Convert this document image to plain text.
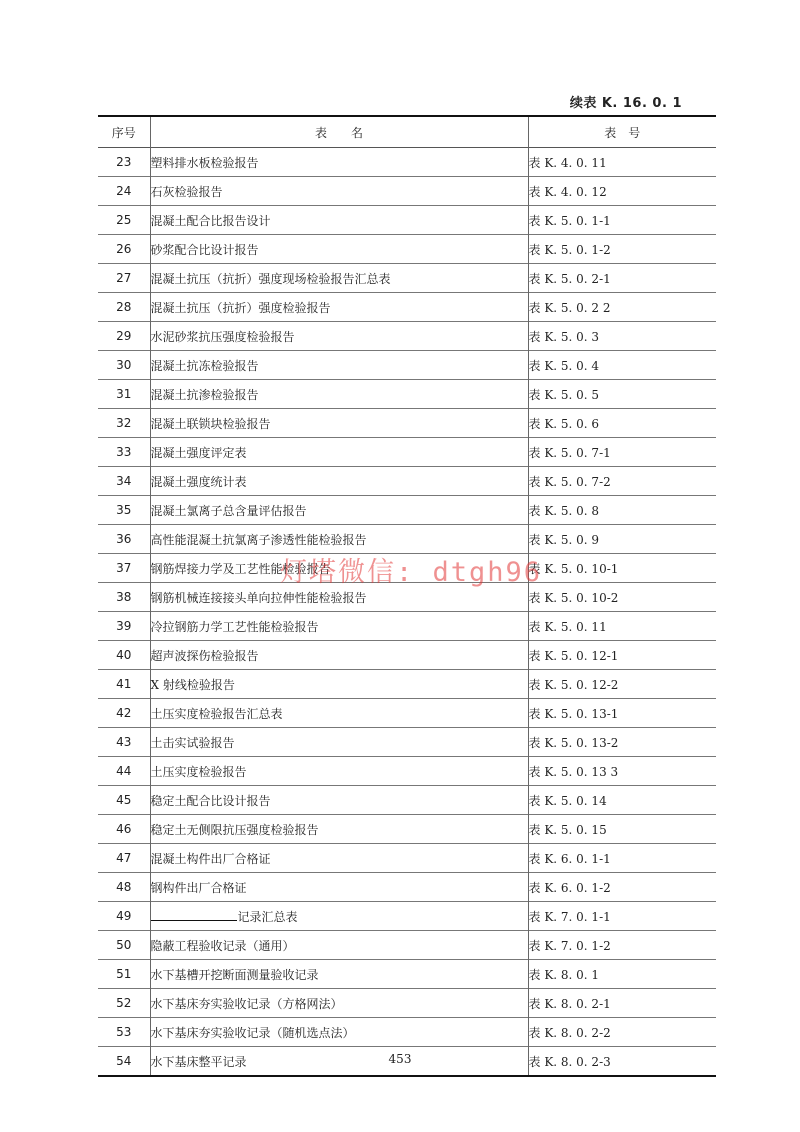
续表 K. 16. 0. 1
序号	表　　名	表　号
23	塑料排水板检验报告	表 K. 4. 0. 11
24	石灰检验报告	表 K. 4. 0. 12
25	混凝土配合比报告设计	表 K. 5. 0. 1-1
26	砂浆配合比设计报告	表 K. 5. 0. 1-2
27	混凝土抗压（抗折）强度现场检验报告汇总表	表 K. 5. 0. 2-1
28	混凝土抗压（抗折）强度检验报告	表 K. 5. 0. 2 2
29	水泥砂浆抗压强度检验报告	表 K. 5. 0. 3
30	混凝土抗冻检验报告	表 K. 5. 0. 4
31	混凝土抗渗检验报告	表 K. 5. 0. 5
32	混凝土联锁块检验报告	表 K. 5. 0. 6
33	混凝土强度评定表	表 K. 5. 0. 7-1
34	混凝土强度统计表	表 K. 5. 0. 7-2
35	混凝土氯离子总含量评估报告	表 K. 5. 0. 8
36	高性能混凝土抗氯离子渗透性能检验报告	表 K. 5. 0. 9
37	钢筋焊接力学及工艺性能检验报告	表 K. 5. 0. 10-1
38	钢筋机械连接接头单向拉伸性能检验报告	表 K. 5. 0. 10-2
39	冷拉钢筋力学工艺性能检验报告	表 K. 5. 0. 11
40	超声波探伤检验报告	表 K. 5. 0. 12-1
41	X 射线检验报告	表 K. 5. 0. 12-2
42	土压实度检验报告汇总表	表 K. 5. 0. 13-1
43	土击实试验报告	表 K. 5. 0. 13-2
44	土压实度检验报告	表 K. 5. 0. 13 3
45	稳定土配合比设计报告	表 K. 5. 0. 14
46	稳定土无侧限抗压强度检验报告	表 K. 5. 0. 15
47	混凝土构件出厂合格证	表 K. 6. 0. 1-1
48	钢构件出厂合格证	表 K. 6. 0. 1-2
49	记录汇总表	表 K. 7. 0. 1-1
50	隐蔽工程验收记录（通用）	表 K. 7. 0. 1-2
51	水下基槽开挖断面测量验收记录	表 K. 8. 0. 1
52	水下基床夯实验收记录（方格网法）	表 K. 8. 0. 2-1
53	水下基床夯实验收记录（随机选点法）	表 K. 8. 0. 2-2
54	水下基床整平记录	表 K. 8. 0. 2-3
灯塔微信: dtgh96
453
